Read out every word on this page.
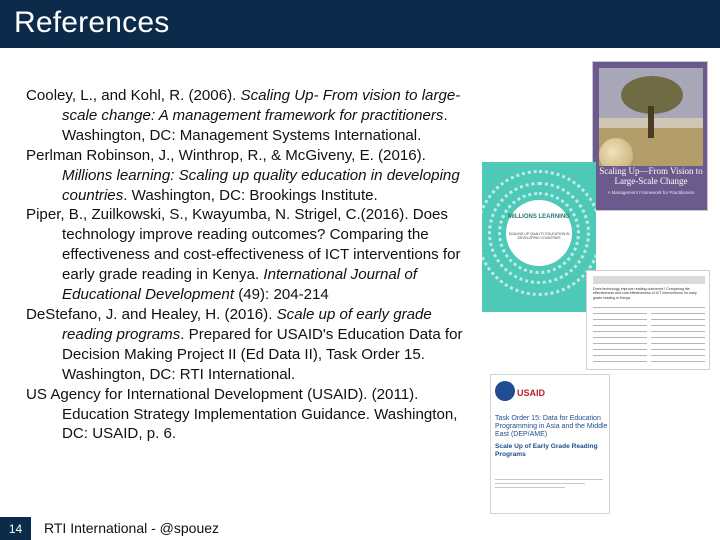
References

Cooley, L., and Kohl, R. (2006). Scaling Up- From vision to large-scale change: A management framework for practitioners. Washington, DC: Management Systems International.

Perlman Robinson, J., Winthrop, R., & McGiveny, E. (2016). Millions learning: Scaling up quality education in developing countries. Washington, DC: Brookings Institute.

Piper, B., Zuilkowski, S., Kwayumba, N. Strigel, C.(2016). Does technology improve reading outcomes? Comparing the effectiveness and cost-effectiveness of ICT interventions for early grade reading in Kenya. International Journal of Educational Development (49): 204-214

DeStefano, J. and Healey, H. (2016). Scale up of early grade reading programs. Prepared for USAID's Education Data for Decision Making Project II (Ed Data II), Task Order 15. Washington, DC: RTI International.

US Agency for International Development (USAID). (2011). Education Strategy Implementation Guidance. Washington, DC: USAID, p. 6.

Scaling Up—From Vision to Large-Scale Change
A Management Framework for Practitioners
MILLIONS LEARNING
SCALING UP QUALITY EDUCATION IN DEVELOPING COUNTRIES
Does technology improve reading outcomes? Comparing the effectiveness and cost-effectiveness of ICT interventions for early grade reading in Kenya
USAID
Task Order 15: Data for Education Programming in Asia and the Middle East (DEP/AME)
Scale Up of Early Grade Reading Programs
14	RTI International - @spouez
